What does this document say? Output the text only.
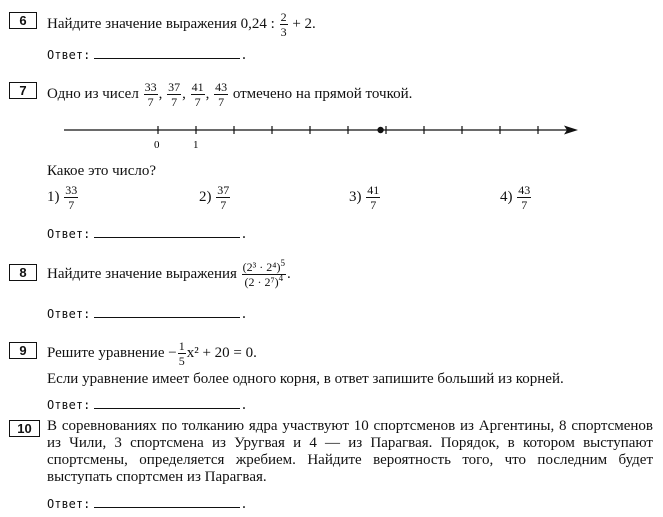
6	Найдите значение выражения 0,24 : $\frac{2}{3} + 2$.
Ответ:	.
7	Одно из чисел $\frac{33}{7}$ , $\frac{37}{7}$ , $\frac{41}{7}$ , $\frac{43}{7}$ отмечено на прямой точкой.
0	1
Какое это число?
$1) \frac{33}{7}$	$2) \frac{37}{7}$	$3) \frac{41}{7}$	$4) \frac{43}{7}$
Ответ:	.
8	Найдите значение выражения $\frac{(2^3 \cdot 2^4)^5}{(2 \cdot 2^7)^4}$ .
Ответ:	.
9	Решите уравнение − $\frac{1}{5} x^2 + 20 = 0$.
Если уравнение имеет более одного корня, в ответ запишите больший из корней.
Ответ:	.
10	В соревнованиях по толканию ядра участвуют 10 спортсменов из Аргентины, 8 спортсменов из Чили, 3 спортсмена из Уругвая и 4 — из Парагвая. Порядок, в котором выступают спортсмены, определяется жребием. Найдите вероятность того, что последним будет выступать спортсмен из Парагвая.
Ответ:	.
